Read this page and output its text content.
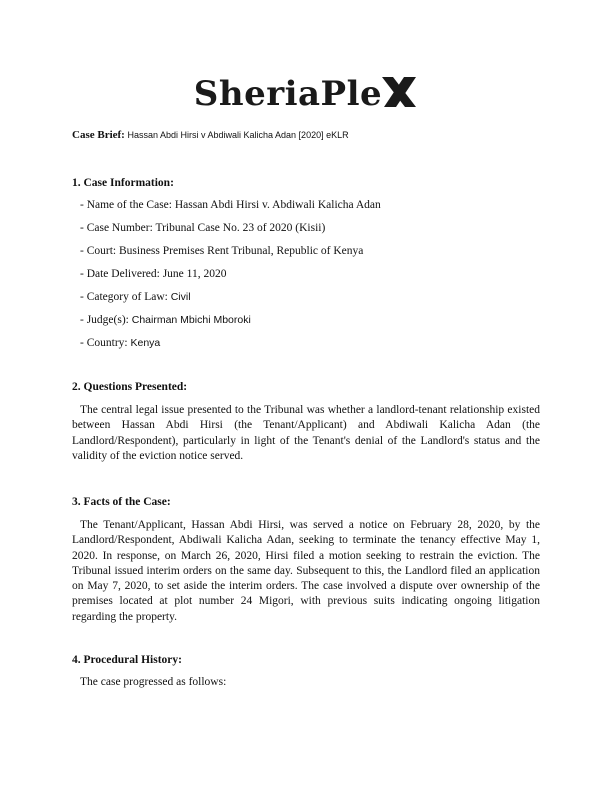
SheriaPle
Case Brief: Hassan Abdi Hirsi v Abdiwali Kalicha Adan [2020] eKLR
1. Case Information:
- Name of the Case: Hassan Abdi Hirsi v. Abdiwali Kalicha Adan
- Case Number: Tribunal Case No. 23 of 2020 (Kisii)
- Court: Business Premises Rent Tribunal, Republic of Kenya
- Date Delivered: June 11, 2020
- Category of Law: Civil
- Judge(s): Chairman Mbichi Mboroki
- Country: Kenya
2. Questions Presented:
The central legal issue presented to the Tribunal was whether a landlord-tenant relationship existed between Hassan Abdi Hirsi (the Tenant/Applicant) and Abdiwali Kalicha Adan (the Landlord/Respondent), particularly in light of the Tenant's denial of the Landlord's status and the validity of the eviction notice served.
3. Facts of the Case:
The Tenant/Applicant, Hassan Abdi Hirsi, was served a notice on February 28, 2020, by the Landlord/Respondent, Abdiwali Kalicha Adan, seeking to terminate the tenancy effective May 1, 2020. In response, on March 26, 2020, Hirsi filed a motion seeking to restrain the eviction. The Tribunal issued interim orders on the same day. Subsequent to this, the Landlord filed an application on May 7, 2020, to set aside the interim orders. The case involved a dispute over ownership of the premises located at plot number 24 Migori, with previous suits indicating ongoing litigation regarding the property.
4. Procedural History:
The case progressed as follows:
